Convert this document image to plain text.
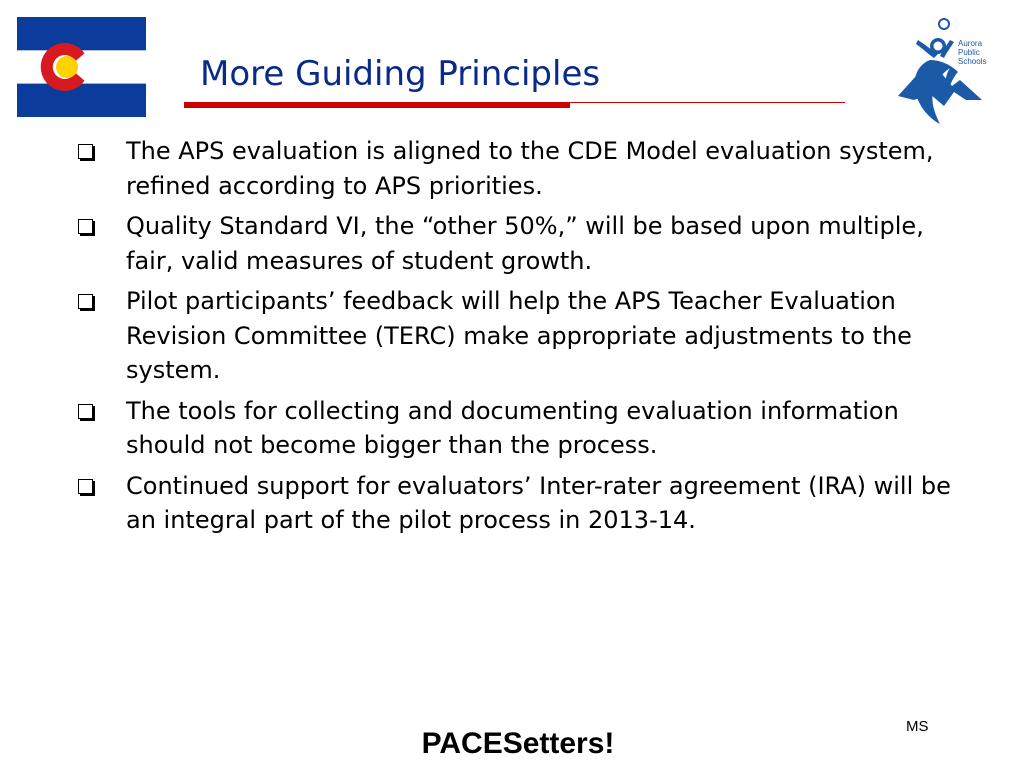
More Guiding Principles
Aurora
Public
Schools
The APS evaluation is aligned to the CDE Model evaluation system, refined according to APS priorities.
Quality Standard VI, the “other 50%,” will be based upon multiple, fair, valid measures of student growth.
Pilot participants’ feedback will help the APS Teacher Evaluation Revision Committee (TERC) make appropriate adjustments to the system.
The tools for collecting and documenting evaluation information should not become bigger than the process.
Continued support for evaluators’ Inter-rater agreement (IRA) will be an integral part of the pilot process in 2013-14.
MS
PACESetters!
